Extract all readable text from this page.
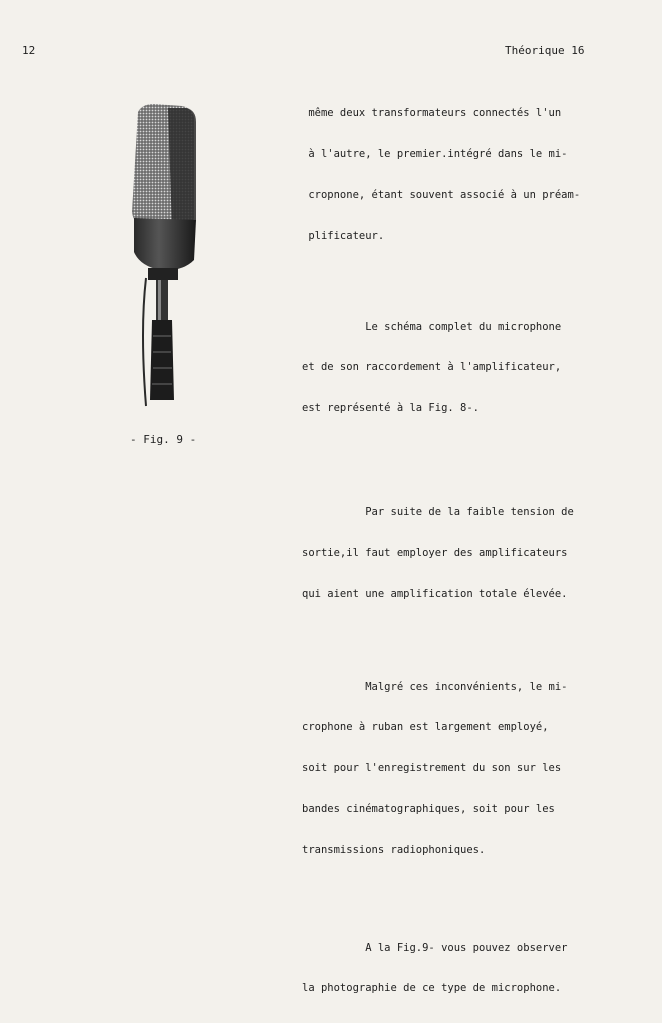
12	Théorique 16
- Fig. 9 -

même deux transformateurs connectés l'un

à l'autre, le premier.intégré dans le mi-

cropnone, étant souvent associé à un préam-

plificateur.

Le schéma complet du microphone

et de son raccordement à l'amplificateur,

est représenté à la Fig. 8-.

Par suite de la faible tension de

sortie,il faut employer des amplificateurs

qui aient une amplification totale élevée.

Malgré ces inconvénients, le mi-

crophone à ruban est largement employé,

soit pour l'enregistrement du son sur les

bandes cinématographiques, soit pour les

transmissions radiophoniques.

A la Fig.9- vous pouvez observer

la photographie de ce type de microphone.
